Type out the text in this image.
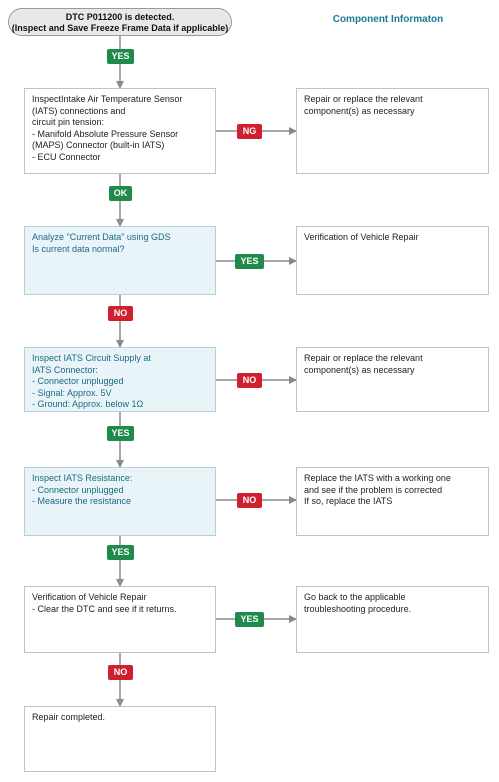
DTC P011200 is detected.
(Inspect and Save Freeze Frame Data if applicable)
Component Informaton
InspectIntake Air Temperature Sensor
(IATS) connections and
circuit pin tension:
- Manifold Absolute Pressure Sensor
(MAPS) Connector (built-in IATS)
- ECU Connector
Analyze "Current Data" using GDS
Is current data normal?
Inspect IATS Circuit Supply at
IATS Connector:
- Connector unplugged
- Signal: Approx. 5V
- Ground: Approx. below 1Ω
Inspect IATS Resistance:
- Connector unplugged
- Measure the resistance
Verification of Vehicle Repair
- Clear the DTC and see if it returns.
Repair completed.
Repair or replace the relevant
component(s) as necessary
Verification of Vehicle Repair
Repair or replace the relevant
component(s) as necessary
Replace the IATS with a working one
and see if the problem is corrected
If so, replace the IATS
Go back to the applicable
troubleshooting procedure.
YES
OK
NO
YES
YES
NO
NG
YES
NO
NO
YES
